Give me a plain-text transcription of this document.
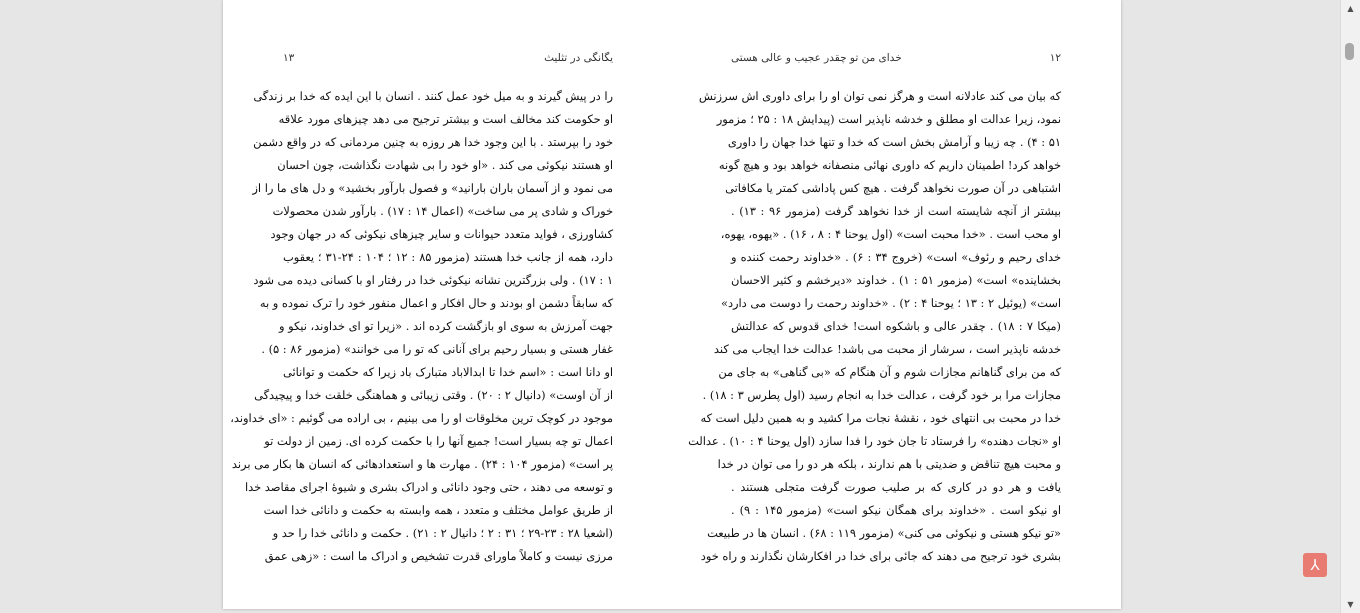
۱۳	یگانگی در تثلیث	خدای من تو چقدر عجیب و عالی هستی	۱۲
را در پیش گیرند و به میل خود عمل کنند . انسان با این ایده که خدا بر زندگی
او حکومت کند مخالف است و بیشتر ترجیح می دهد چیزهای مورد علاقه
خود را بپرستد . با این وجود خدا هر روزه به چنین مردمانی که در واقع دشمن
او هستند نیکوئی می کند . «او خود را بی شهادت نگذاشت، چون احسان
می نمود و از آسمان باران بارانید» و فصول بارآور بخشید» و دل های ما را از
خوراک و شادی پر می ساخت» (اعمال ۱۴ : ۱۷) . بارآور شدن محصولات
کشاورزی ، فواید متعدد حیوانات و سایر چیزهای نیکوئی که در جهان وجود
دارد، همه از جانب خدا هستند (مزمور ۸۵ : ۱۲ ؛ ۱۰۴ : ۲۴-۳۱ ؛ یعقوب
۱ : ۱۷) . ولی بزرگترین نشانه نیکوئی خدا در رفتار او با کسانی دیده می شود
که سابقاً دشمن او بودند و حال افکار و اعمال منفور خود را ترک نموده و به
جهت آمرزش به سوی او بازگشت کرده اند . «زیرا تو ای خداوند، نیکو و
غفار هستی و بسیار رحیم برای آنانی که تو را می خوانند» (مزمور ۸۶ : ۵) .
او دانا است : «اسم خدا تا ابدالاباد متبارک باد زیرا که حکمت و توانائی
از آن اوست» (دانیال ۲ : ۲۰) . وقتی زیبائی و هماهنگی خلقت خدا و پیچیدگی
موجود در کوچک ترین مخلوقات او را می بینیم ، بی اراده می گوئیم : «ای خداوند،
اعمال تو چه بسیار است! جمیع آنها را با حکمت کرده ای. زمین از دولت تو
پر است» (مزمور ۱۰۴ : ۲۴) . مهارت ها و استعدادهائی که انسان ها بکار می برند
و توسعه می دهند ، حتی وجود دانائی و ادراک بشری و شیوهٔ اجرای مقاصد خدا
از طریق عوامل مختلف و متعدد ، همه وابسته به حکمت و دانائی خدا است
(اشعیا ۲۸ : ۲۳-۲۹ ؛ ۳۱ : ۲ ؛ دانیال ۲ : ۲۱) . حکمت و دانائی خدا را حد و
مرزی نیست و کاملاً ماورای قدرت تشخیص و ادراک ما است : «زهی عمق
که بیان می کند عادلانه است و هرگز نمی توان او را برای داوری اش سرزنش
نمود، زیرا عدالت او مطلق و خدشه ناپذیر است (پیدایش ۱۸ : ۲۵ ؛ مزمور
۵۱ : ۴) . چه زیبا و آرامش بخش است که خدا و تنها خدا جهان را داوری
خواهد کرد! اطمینان داریم که داوری نهائی منصفانه خواهد بود و هیچ گونه
اشتباهی در آن صورت نخواهد گرفت . هیچ کس پاداشی کمتر یا مکافاتی
بیشتر از آنچه شایسته است از خدا نخواهد گرفت (مزمور ۹۶ : ۱۳) .
او محب است . «خدا محبت است» (اول یوحنا ۴ : ۸ ، ۱۶) . «یهوه، یهوه،
خدای رحیم و رئوف» است» (خروج ۳۴ : ۶) . «خداوند رحمت کننده و
بخشاینده» است» (مزمور ۵۱ : ۱) . خداوند «دیرخشم و کثیر الاحسان
است» (یوئیل ۲ : ۱۳ ؛ یوحنا ۴ : ۲) . «خداوند رحمت را دوست می دارد»
(میکا ۷ : ۱۸) . چقدر عالی و باشکوه است! خدای قدوس که عدالتش
خدشه ناپذیر است ، سرشار از محبت می باشد! عدالت خدا ایجاب می کند
که من برای گناهانم مجازات شوم و آن هنگام که «بی گناهی» به جای من
مجازات مرا بر خود گرفت ، عدالت خدا به انجام رسید (اول پطرس ۳ : ۱۸) .
خدا در محبت بی انتهای خود ، نقشهٔ نجات مرا کشید و به همین دلیل است که
او «نجات دهنده» را فرستاد تا جان خود را فدا سازد (اول یوحنا ۴ : ۱۰) . عدالت
و محبت هیچ تناقض و ضدیتی با هم ندارند ، بلکه هر دو را می توان در خدا
یافت و هر دو در کاری که بر صلیب صورت گرفت متجلی هستند .
او نیکو است . «خداوند برای همگان نیکو است» (مزمور ۱۴۵ : ۹) .
«تو نیکو هستی و نیکوئی می کنی» (مزمور ۱۱۹ : ۶۸) . انسان ها در طبیعت
بشری خود ترجیح می دهند که جائی برای خدا در افکارشان نگذارند و راه خود	⅄
▲
▼
